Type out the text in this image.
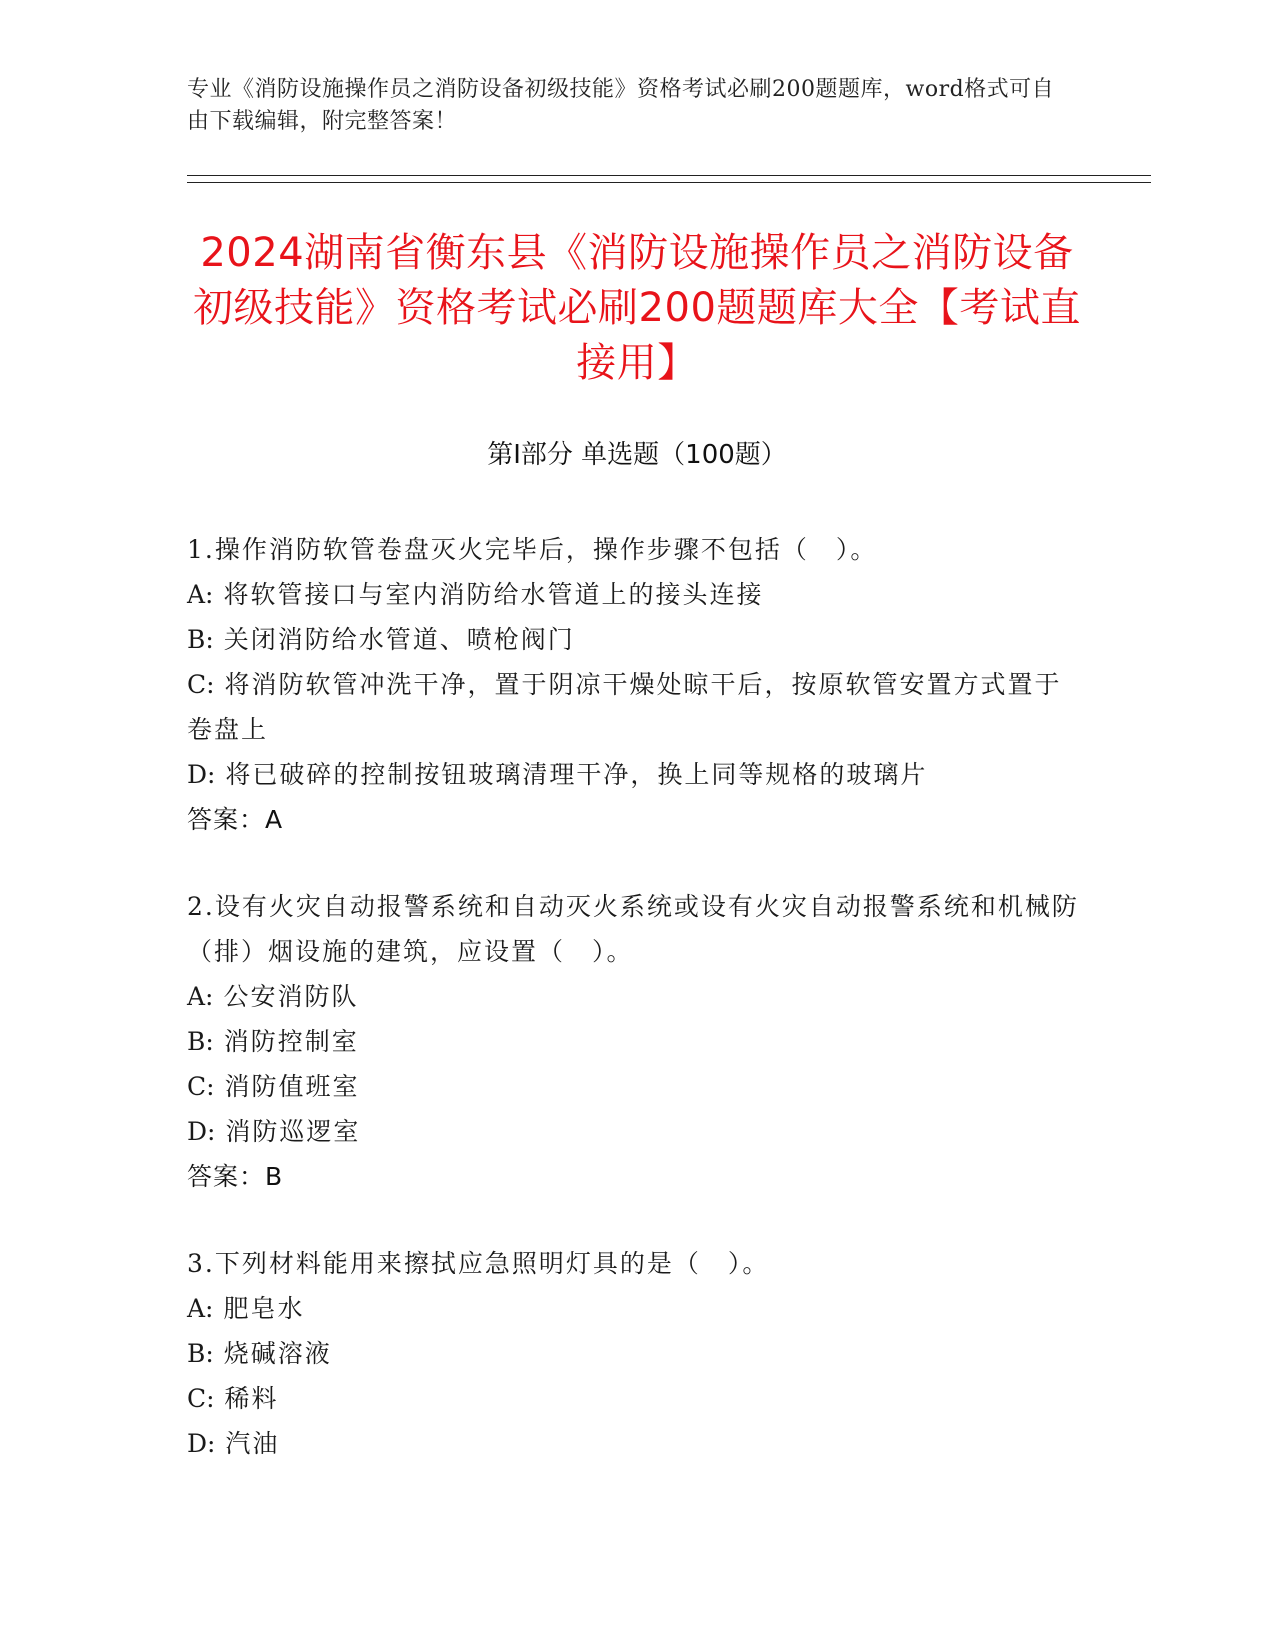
专业《消防设施操作员之消防设备初级技能》资格考试必刷200题题库，word格式可自由下载编辑，附完整答案！
2024湖南省衡东县《消防设施操作员之消防设备初级技能》资格考试必刷200题题库大全【考试直接用】
第I部分 单选题（100题）
1.操作消防软管卷盘灭火完毕后，操作步骤不包括（　）。
A: 将软管接口与室内消防给水管道上的接头连接
B: 关闭消防给水管道、喷枪阀门
C: 将消防软管冲洗干净，置于阴凉干燥处晾干后，按原软管安置方式置于卷盘上
D: 将已破碎的控制按钮玻璃清理干净，换上同等规格的玻璃片
答案：A
2.设有火灾自动报警系统和自动灭火系统或设有火灾自动报警系统和机械防（排）烟设施的建筑，应设置（　）。
A: 公安消防队
B: 消防控制室
C: 消防值班室
D: 消防巡逻室
答案：B
3.下列材料能用来擦拭应急照明灯具的是（　）。
A: 肥皂水
B: 烧碱溶液
C: 稀料
D: 汽油
